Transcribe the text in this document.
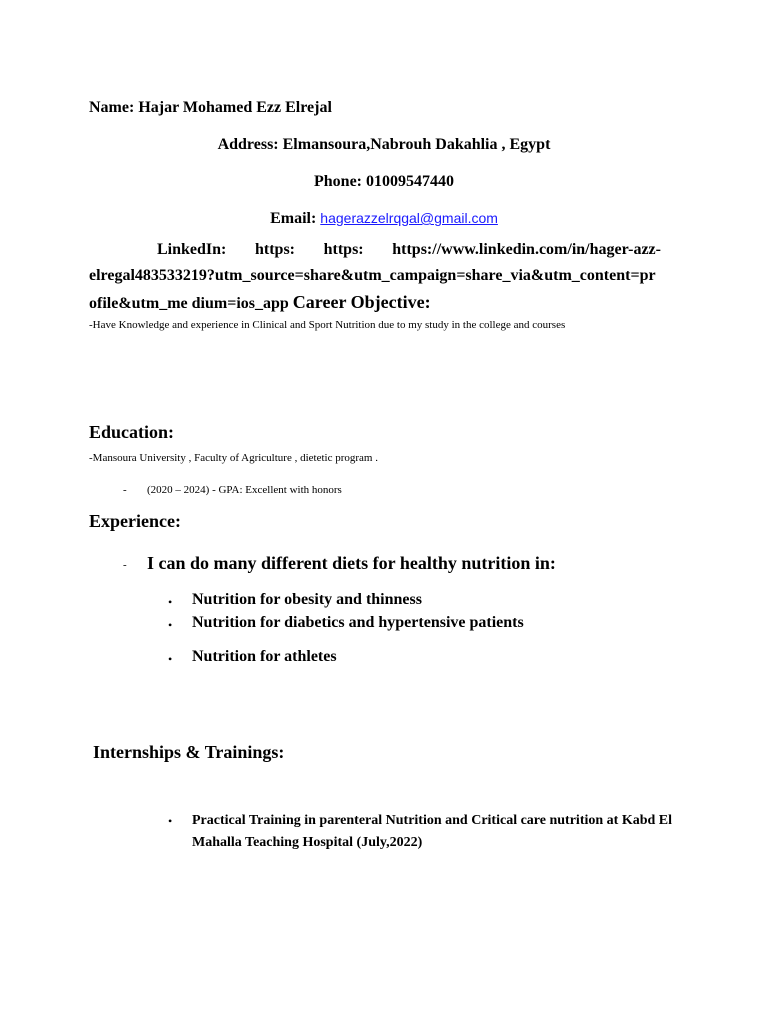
Name: Hajar Mohamed Ezz Elrejal
Address: Elmansoura,Nabrouh Dakahlia , Egypt
Phone: 01009547440
Email: hagerazzelrqgal@gmail.com
LinkedIn: https: https: https://www.linkedin.com/in/hager-azz-
elregal483533219?utm_source=share&utm_campaign=share_via&utm_content=profile&utm_me dium=ios_app Career Objective:
-Have Knowledge and experience in Clinical and Sport Nutrition due to my study in the college and courses
Education:
-Mansoura University , Faculty of Agriculture , dietetic program .
- (2020 – 2024) - GPA: Excellent with honors
Experience:
- I can do many different diets for healthy nutrition in:
• Nutrition for obesity and thinness
• Nutrition for diabetics and hypertensive patients
• Nutrition for athletes
Internships & Trainings:
• Practical Training in parenteral Nutrition and Critical care nutrition at Kabd El Mahalla Teaching Hospital (July,2022)
